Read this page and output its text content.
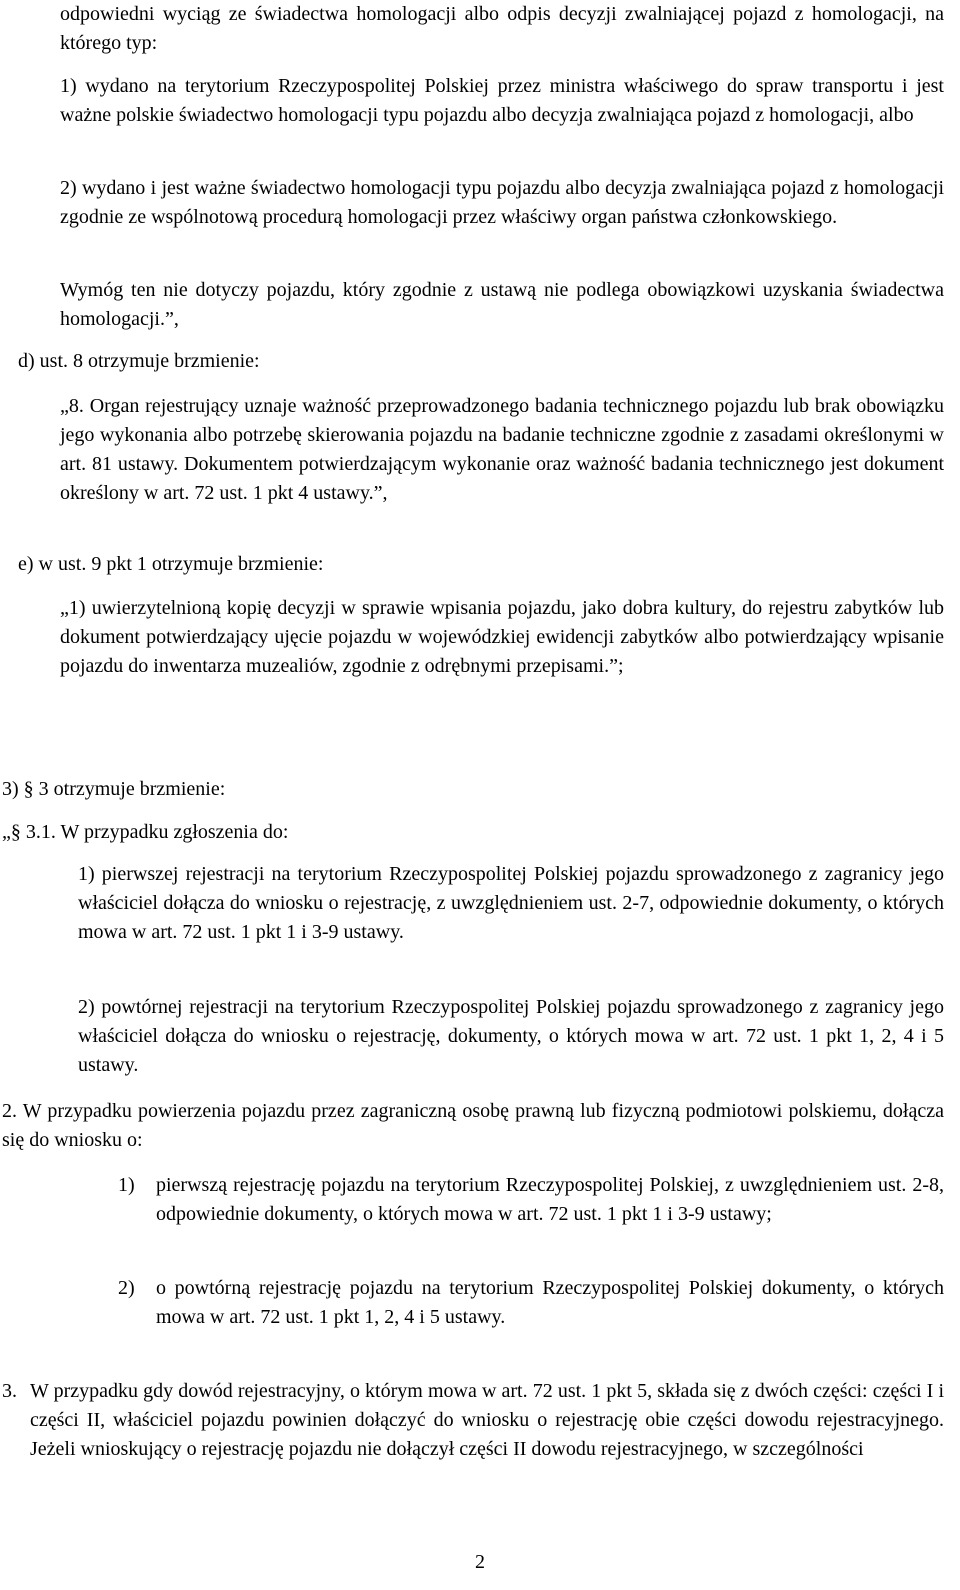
odpowiedni wyciąg ze świadectwa homologacji albo odpis decyzji zwalniającej pojazd z homologacji, na którego typ:

1) wydano na terytorium Rzeczypospolitej Polskiej przez ministra właściwego do spraw transportu i jest ważne polskie świadectwo homologacji typu pojazdu albo decyzja zwalniająca pojazd z homologacji, albo

2) wydano i jest ważne świadectwo homologacji typu pojazdu albo decyzja zwalniająca pojazd z homologacji zgodnie ze wspólnotową procedurą homologacji przez właściwy organ państwa członkowskiego.

Wymóg ten nie dotyczy pojazdu, który zgodnie z ustawą nie podlega obowiązkowi uzyskania świadectwa homologacji.”,

d) ust. 8 otrzymuje brzmienie:

„8. Organ rejestrujący uznaje ważność przeprowadzonego badania technicznego pojazdu lub brak obowiązku jego wykonania albo potrzebę skierowania pojazdu na badanie techniczne zgodnie z zasadami określonymi w art. 81 ustawy. Dokumentem potwierdzającym wykonanie oraz ważność badania technicznego jest dokument określony w art. 72 ust. 1 pkt 4 ustawy.”,

e) w ust. 9 pkt 1 otrzymuje brzmienie:

„1) uwierzytelnioną kopię decyzji w sprawie wpisania pojazdu, jako dobra kultury, do rejestru zabytków lub dokument potwierdzający ujęcie pojazdu w wojewódzkiej ewidencji zabytków albo potwierdzający wpisanie pojazdu do inwentarza muzealiów, zgodnie z odrębnymi przepisami.”;

3) § 3 otrzymuje brzmienie:

„§ 3.1. W przypadku zgłoszenia do:

1) pierwszej rejestracji na terytorium Rzeczypospolitej Polskiej pojazdu sprowadzonego z zagranicy jego właściciel dołącza do wniosku o rejestrację, z uwzględnieniem ust. 2-7, odpowiednie dokumenty, o których mowa w art. 72 ust. 1 pkt 1 i 3-9 ustawy.

2) powtórnej rejestracji na terytorium Rzeczypospolitej Polskiej pojazdu sprowadzonego z zagranicy jego właściciel dołącza do wniosku o rejestrację, dokumenty, o których mowa w art. 72 ust. 1 pkt 1, 2, 4 i 5 ustawy.

2. W przypadku powierzenia pojazdu przez zagraniczną osobę prawną lub fizyczną podmiotowi polskiemu, dołącza się do wniosku o:

1)	pierwszą rejestrację pojazdu na terytorium Rzeczypospolitej Polskiej, z uwzględnieniem ust. 2-8, odpowiednie dokumenty, o których mowa w art. 72 ust. 1 pkt 1 i 3-9 ustawy;
2)	o powtórną rejestrację pojazdu na terytorium Rzeczypospolitej Polskiej dokumenty, o których mowa w art. 72 ust. 1 pkt 1, 2, 4 i 5 ustawy.
3. W przypadku gdy dowód rejestracyjny, o którym mowa w art. 72 ust. 1 pkt 5, składa się z dwóch części: części I i części II, właściciel pojazdu powinien dołączyć do wniosku o rejestrację obie części dowodu rejestracyjnego. Jeżeli wnioskujący o rejestrację pojazdu nie dołączył części II dowodu rejestracyjnego, w szczególności
2
